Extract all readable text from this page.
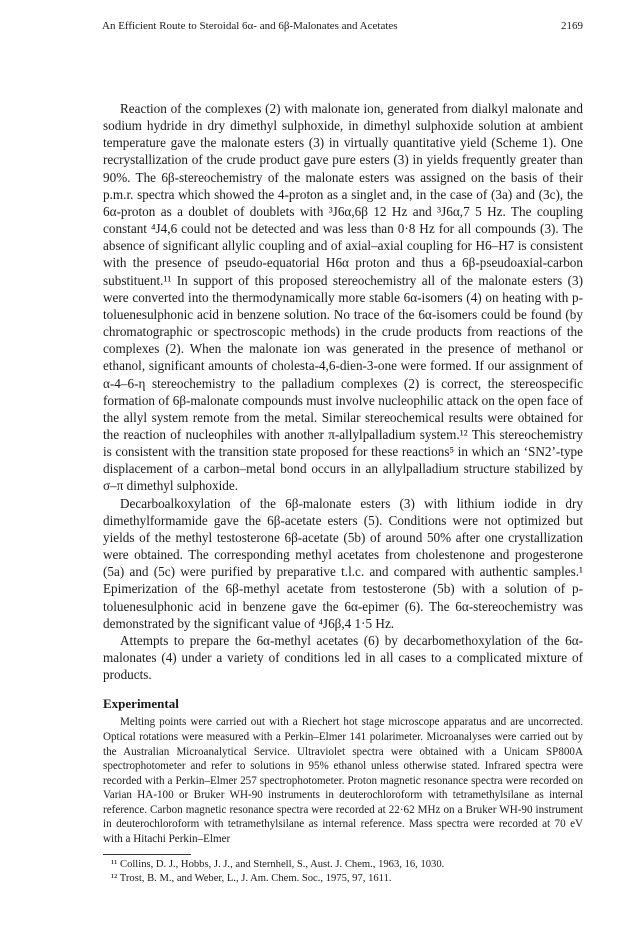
An Efficient Route to Steroidal 6α- and 6β-Malonates and Acetates	2169

Reaction of the complexes (2) with malonate ion, generated from dialkyl malonate and sodium hydride in dry dimethyl sulphoxide, in dimethyl sulphoxide solution at ambient temperature gave the malonate esters (3) in virtually quantitative yield (Scheme 1). One recrystallization of the crude product gave pure esters (3) in yields frequently greater than 90%. The 6β-stereochemistry of the malonate esters was assigned on the basis of their p.m.r. spectra which showed the 4-proton as a singlet and, in the case of (3a) and (3c), the 6α-proton as a doublet of doublets with ³J6α,6β 12 Hz and ³J6α,7 5 Hz. The coupling constant ⁴J4,6 could not be detected and was less than 0·8 Hz for all compounds (3). The absence of significant allylic coupling and of axial–axial coupling for H6–H7 is consistent with the presence of pseudo-equatorial H6α proton and thus a 6β-pseudoaxial-carbon substituent.¹¹ In support of this proposed stereochemistry all of the malonate esters (3) were converted into the thermodynamically more stable 6α-isomers (4) on heating with p-toluenesulphonic acid in benzene solution. No trace of the 6α-isomers could be found (by chromatographic or spectroscopic methods) in the crude products from reactions of the complexes (2). When the malonate ion was generated in the presence of methanol or ethanol, significant amounts of cholesta-4,6-dien-3-one were formed. If our assignment of α-4–6-η stereochemistry to the palladium complexes (2) is correct, the stereospecific formation of 6β-malonate compounds must involve nucleophilic attack on the open face of the allyl system remote from the metal. Similar stereochemical results were obtained for the reaction of nucleophiles with another π-allylpalladium system.¹² This stereochemistry is consistent with the transition state proposed for these reactions⁵ in which an ‘SN2’-type displacement of a carbon–metal bond occurs in an allylpalladium structure stabilized by σ–π dimethyl sulphoxide.

Decarboalkoxylation of the 6β-malonate esters (3) with lithium iodide in dry dimethylformamide gave the 6β-acetate esters (5). Conditions were not optimized but yields of the methyl testosterone 6β-acetate (5b) of around 50% after one crystallization were obtained. The corresponding methyl acetates from cholestenone and progesterone (5a) and (5c) were purified by preparative t.l.c. and compared with authentic samples.¹ Epimerization of the 6β-methyl acetate from testosterone (5b) with a solution of p-toluenesulphonic acid in benzene gave the 6α-epimer (6). The 6α-stereochemistry was demonstrated by the significant value of ⁴J6β,4 1·5 Hz.

Attempts to prepare the 6α-methyl acetates (6) by decarbomethoxylation of the 6α-malonates (4) under a variety of conditions led in all cases to a complicated mixture of products.

Experimental

Melting points were carried out with a Riechert hot stage microscope apparatus and are uncorrected. Optical rotations were measured with a Perkin–Elmer 141 polarimeter. Microanalyses were carried out by the Australian Microanalytical Service. Ultraviolet spectra were obtained with a Unicam SP800A spectrophotometer and refer to solutions in 95% ethanol unless otherwise stated. Infrared spectra were recorded with a Perkin–Elmer 257 spectrophotometer. Proton magnetic resonance spectra were recorded on Varian HA-100 or Bruker WH-90 instruments in deuterochloroform with tetramethylsilane as internal reference. Carbon magnetic resonance spectra were recorded at 22·62 MHz on a Bruker WH-90 instrument in deuterochloroform with tetramethylsilane as internal reference. Mass spectra were recorded at 70 eV with a Hitachi Perkin–Elmer

¹¹ Collins, D. J., Hobbs, J. J., and Sternhell, S., Aust. J. Chem., 1963, 16, 1030.

¹² Trost, B. M., and Weber, L., J. Am. Chem. Soc., 1975, 97, 1611.
